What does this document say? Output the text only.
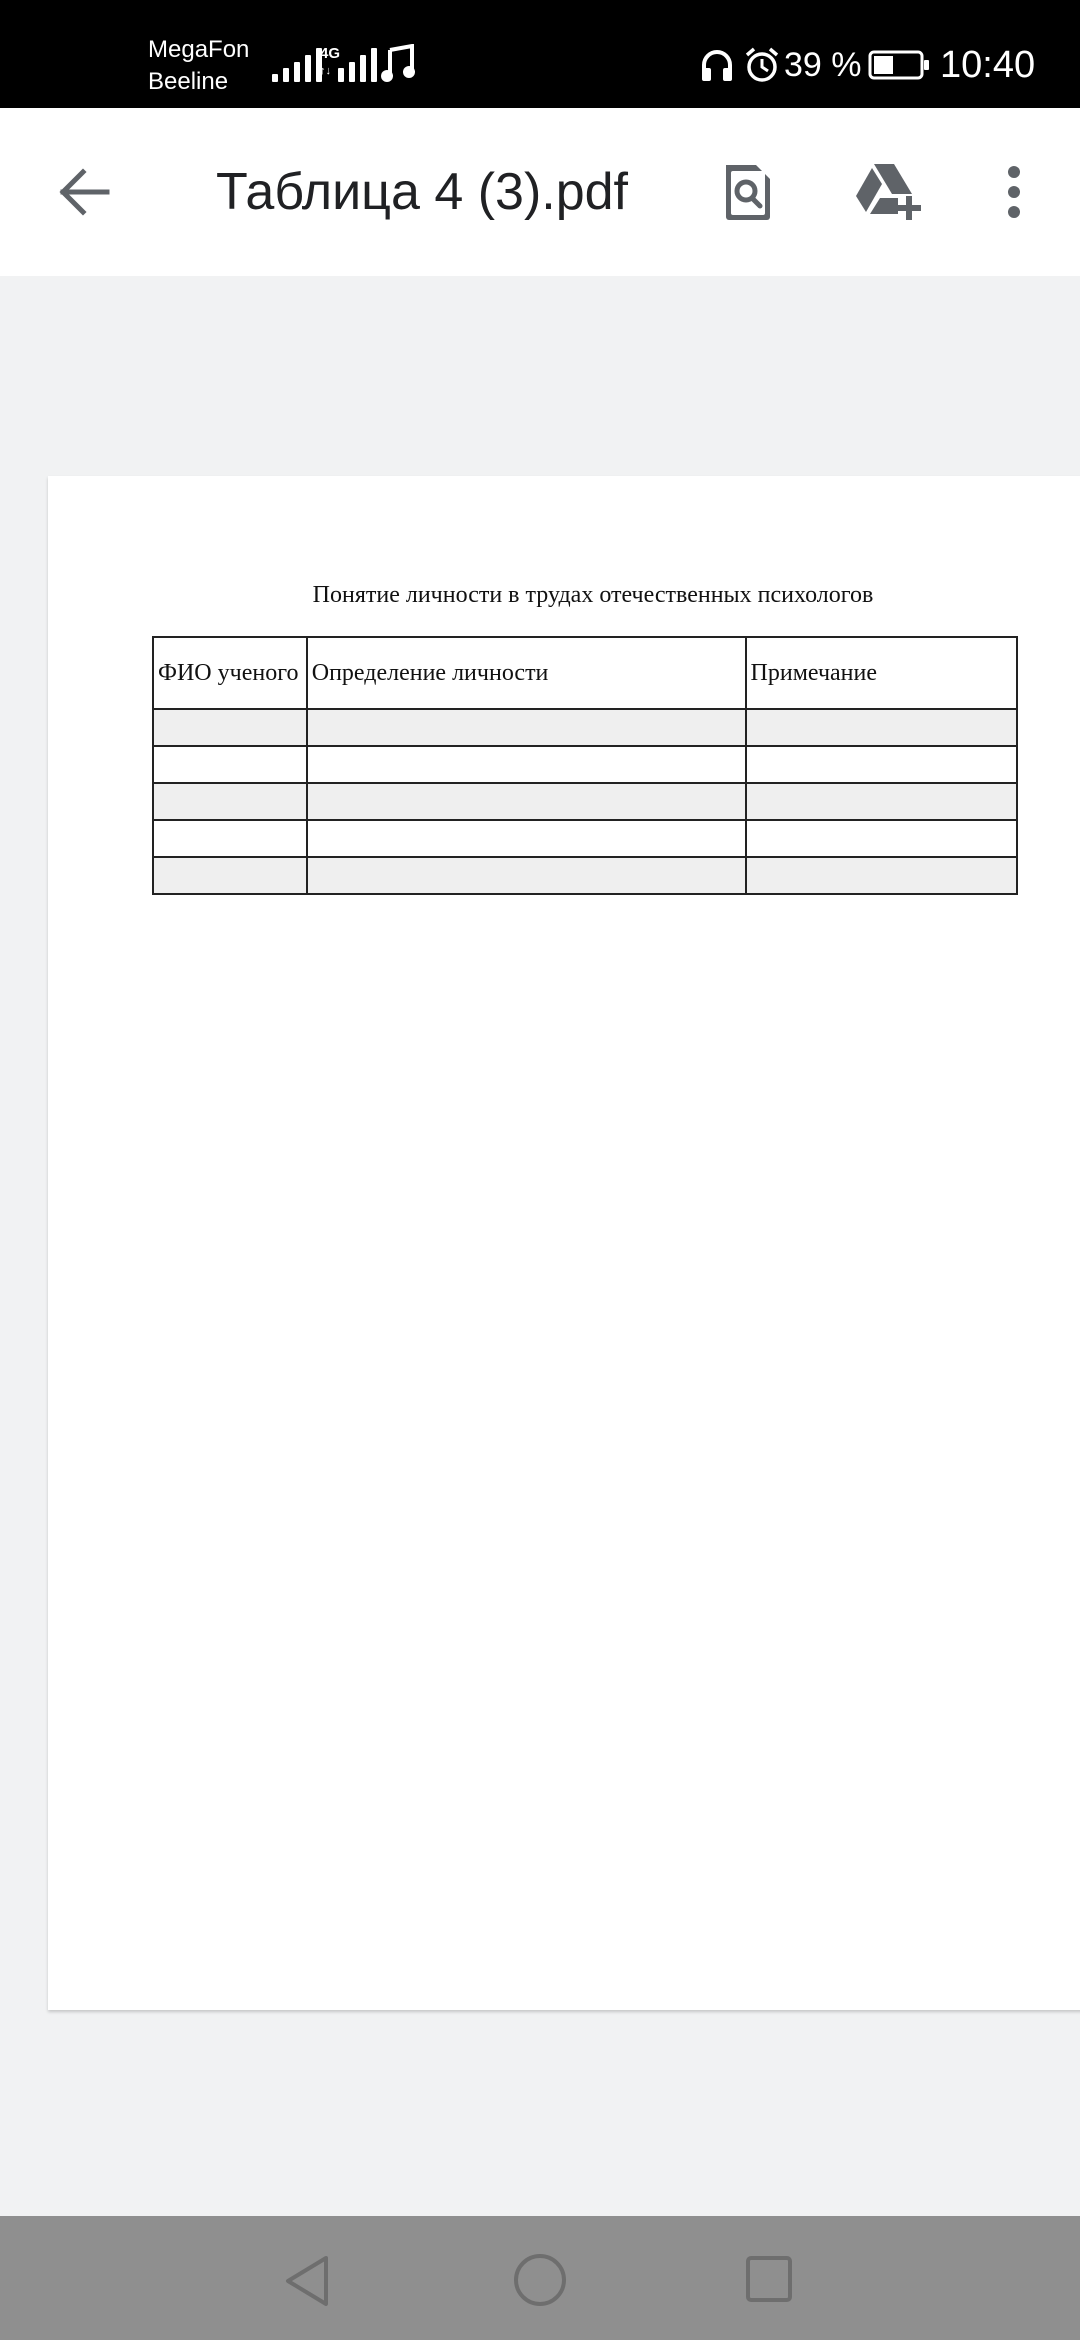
MegaFon
Beeline
4G
↑↓	39 % 10:40
Таблица 4 (3).pdf
Понятие личности в трудах отечественных психологов
ФИО ученого	Определение личности	Примечание
